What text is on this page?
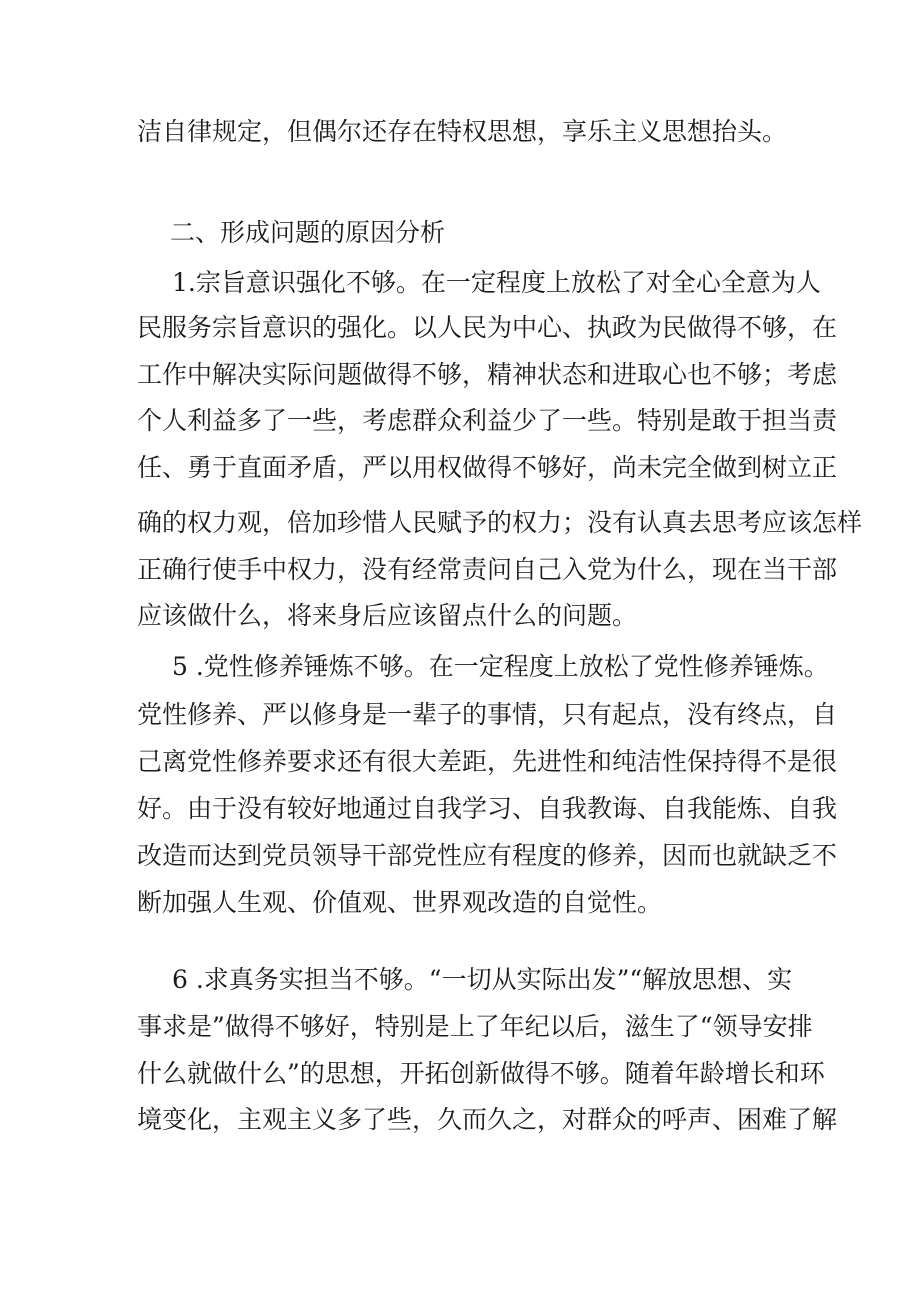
洁自律规定，但偶尔还存在特权思想，享乐主义思想抬头。
二、形成问题的原因分析
1.宗旨意识强化不够。在一定程度上放松了对全心全意为人
民服务宗旨意识的强化。以人民为中心、执政为民做得不够，在
工作中解决实际问题做得不够，精神状态和进取心也不够；考虑
个人利益多了一些，考虑群众利益少了一些。特别是敢于担当责
任、勇于直面矛盾，严以用权做得不够好，尚未完全做到树立正
确的权力观，倍加珍惜人民赋予的权力；没有认真去思考应该怎样
正确行使手中权力，没有经常责问自己入党为什么，现在当干部
应该做什么，将来身后应该留点什么的问题。
5 .党性修养锤炼不够。在一定程度上放松了党性修养锤炼。
党性修养、严以修身是一辈子的事情，只有起点，没有终点，自
己离党性修养要求还有很大差距，先进性和纯洁性保持得不是很
好。由于没有较好地通过自我学习、自我教诲、自我能炼、自我
改造而达到党员领导干部党性应有程度的修养，因而也就缺乏不
断加强人生观、价值观、世界观改造的自觉性。
6 .求真务实担当不够。“一切从实际出发”“解放思想、实
事求是”做得不够好，特别是上了年纪以后，滋生了“领导安排
什么就做什么”的思想，开拓创新做得不够。随着年龄增长和环
境变化，主观主义多了些，久而久之，对群众的呼声、困难了解
